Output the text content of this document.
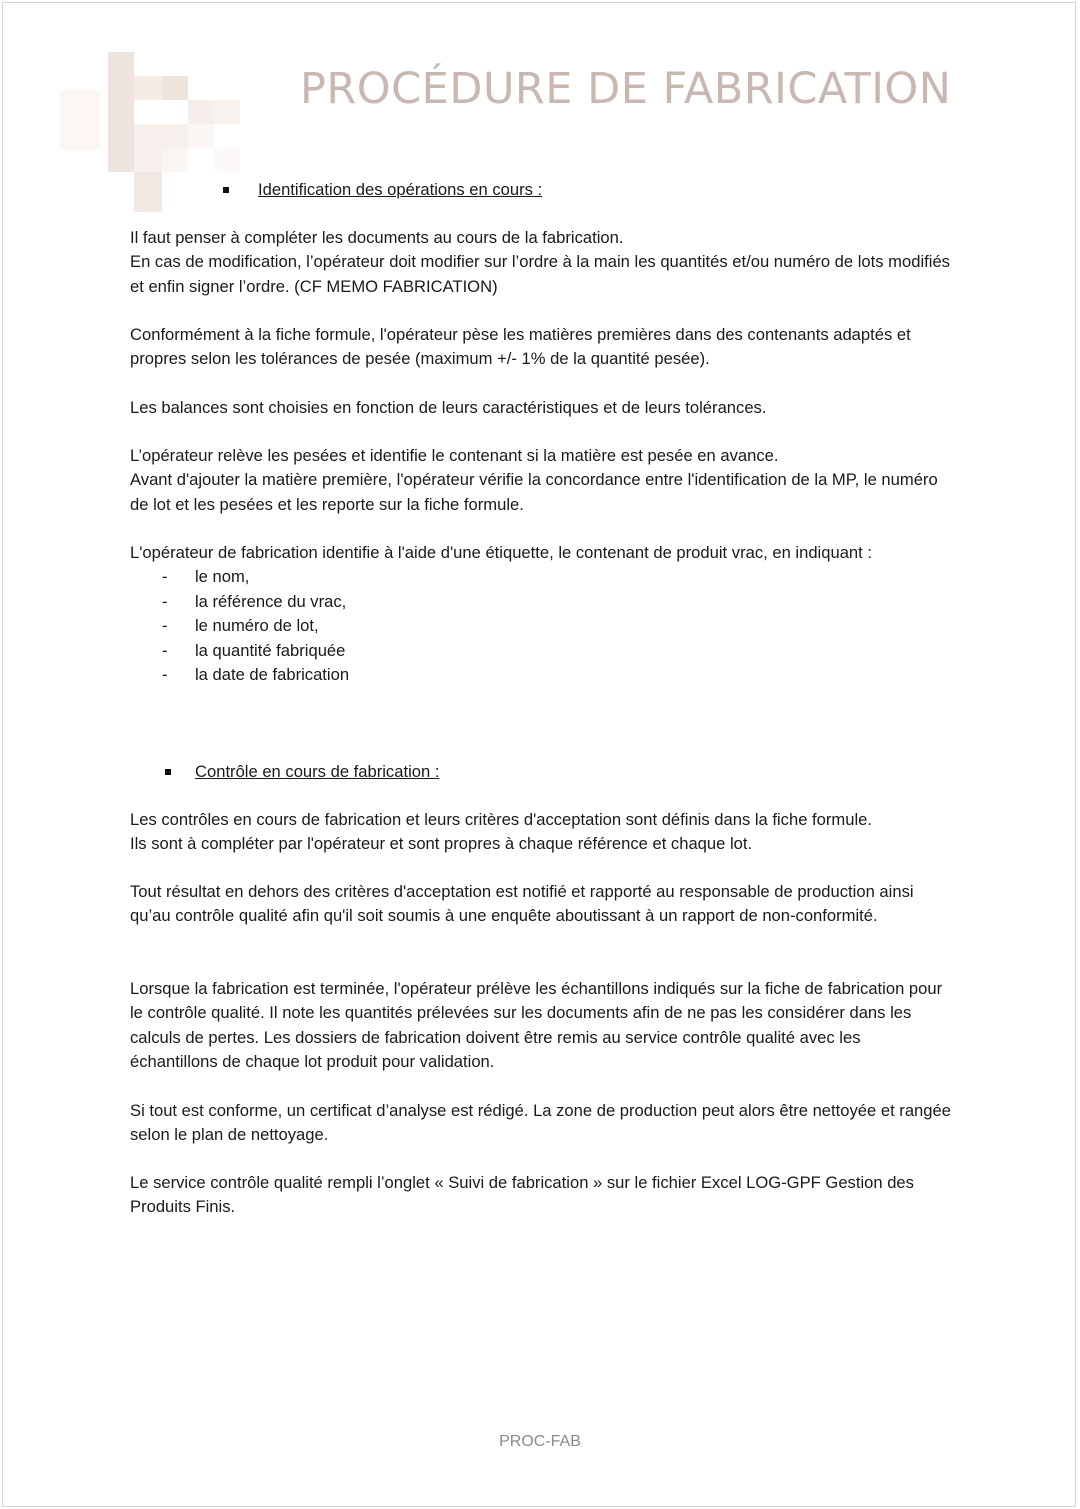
PROCÉDURE DE FABRICATION
Identification des opérations en cours :

Il faut penser à compléter les documents au cours de la fabrication.

En cas de modification, l’opérateur doit modifier sur l’ordre à la main les quantités et/ou numéro de lots modifiés et enfin signer l’ordre. (CF MEMO FABRICATION)

Conformément à la fiche formule, l'opérateur pèse les matières premières dans des contenants adaptés et propres selon les tolérances de pesée (maximum +/- 1% de la quantité pesée).

Les balances sont choisies en fonction de leurs caractéristiques et de leurs tolérances.

L’opérateur relève les pesées et identifie le contenant si la matière est pesée en avance.

Avant d'ajouter la matière première, l'opérateur vérifie la concordance entre l'identification de la MP, le numéro de lot et les pesées et les reporte sur la fiche formule.

L'opérateur de fabrication identifie à l'aide d'une étiquette, le contenant de produit vrac, en indiquant :

- le nom,
- la référence du vrac,
- le numéro de lot,
- la quantité fabriquée
- la date de fabrication
Contrôle en cours de fabrication :

Les contrôles en cours de fabrication et leurs critères d'acceptation sont définis dans la fiche formule.

Ils sont à compléter par l'opérateur et sont propres à chaque référence et chaque lot.

Tout résultat en dehors des critères d'acceptation est notifié et rapporté au responsable de production ainsi qu’au contrôle qualité afin qu'il soit soumis à une enquête aboutissant à un rapport de non-conformité.

Lorsque la fabrication est terminée, l'opérateur prélève les échantillons indiqués sur la fiche de fabrication pour le contrôle qualité. Il note les quantités prélevées sur les documents afin de ne pas les considérer dans les calculs de pertes. Les dossiers de fabrication doivent être remis au service contrôle qualité avec les échantillons de chaque lot produit pour validation.

Si tout est conforme, un certificat d’analyse est rédigé. La zone de production peut alors être nettoyée et rangée selon le plan de nettoyage.

Le service contrôle qualité rempli l’onglet « Suivi de fabrication » sur le fichier Excel LOG-GPF Gestion des Produits Finis.

PROC-FAB
